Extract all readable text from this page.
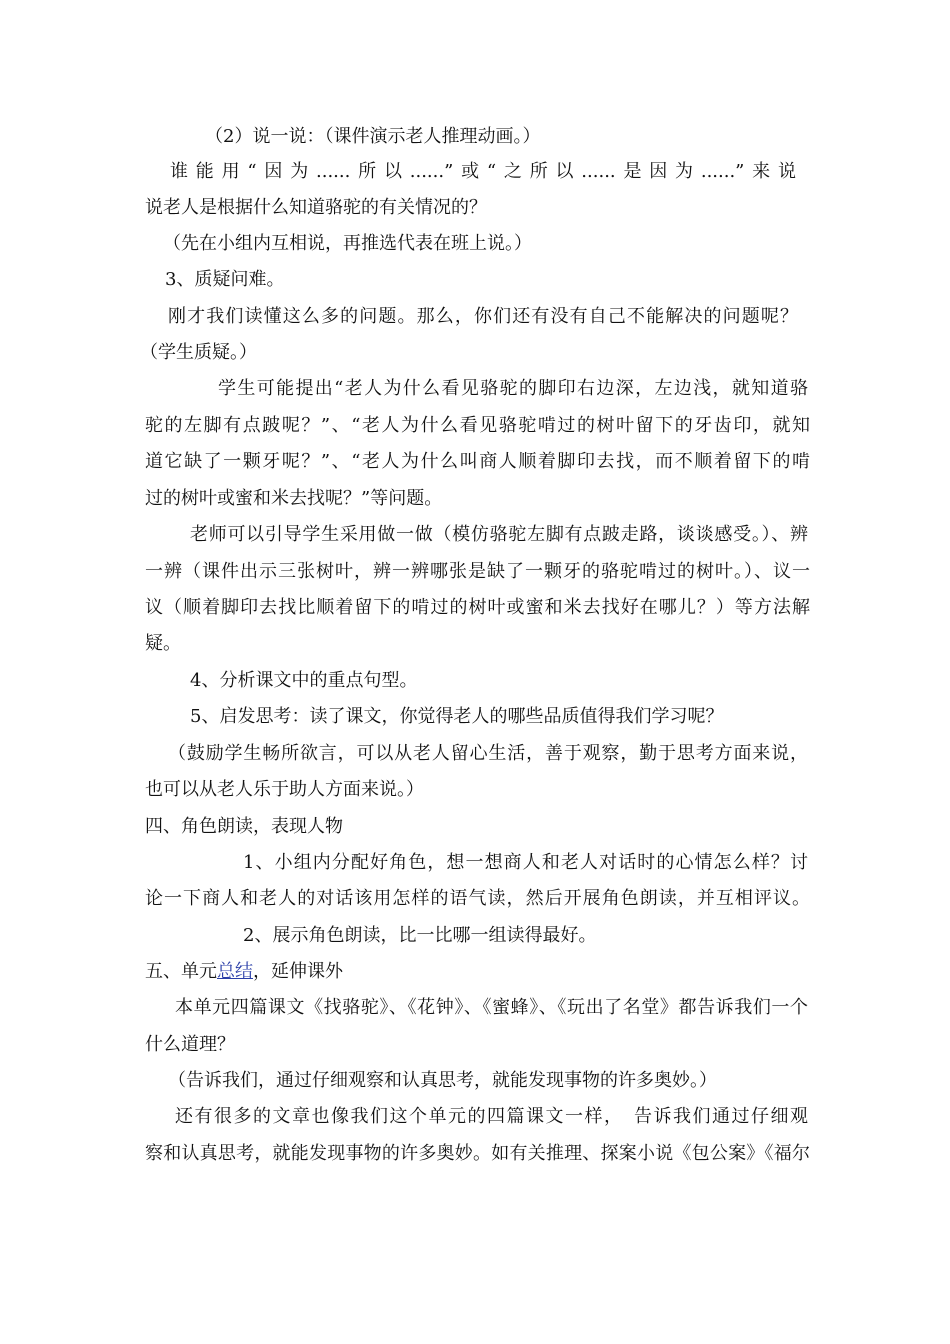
（2）说一说：（课件演示老人推理动画。）
谁能用“因为......所以......”或“之所以......是因为......”来说
说老人是根据什么知道骆驼的有关情况的？
（先在小组内互相说，再推选代表在班上说。）
3、质疑问难。
刚才我们读懂这么多的问题。那么，你们还有没有自己不能解决的问题呢？
（学生质疑。）
学生可能提出“老人为什么看见骆驼的脚印右边深，左边浅，就知道骆
驼的左脚有点跛呢？”、“老人为什么看见骆驼啃过的树叶留下的牙齿印，就知
道它缺了一颗牙呢？”、“老人为什么叫商人顺着脚印去找，而不顺着留下的啃
过的树叶或蜜和米去找呢？”等问题。
老师可以引导学生采用做一做（模仿骆驼左脚有点跛走路，谈谈感受。）、辨
一辨（课件出示三张树叶，辨一辨哪张是缺了一颗牙的骆驼啃过的树叶。）、议一
议（顺着脚印去找比顺着留下的啃过的树叶或蜜和米去找好在哪儿？）等方法解
疑。
4、分析课文中的重点句型。
5、启发思考：读了课文，你觉得老人的哪些品质值得我们学习呢？
（鼓励学生畅所欲言，可以从老人留心生活，善于观察，勤于思考方面来说，
也可以从老人乐于助人方面来说。）
四、角色朗读，表现人物
1、小组内分配好角色，想一想商人和老人对话时的心情怎么样？讨
论一下商人和老人的对话该用怎样的语气读，然后开展角色朗读，并互相评议。
2、展示角色朗读，比一比哪一组读得最好。
五、单元总结，延伸课外
本单元四篇课文《找骆驼》、《花钟》、《蜜蜂》、《玩出了名堂》都告诉我们一个
什么道理？
（告诉我们，通过仔细观察和认真思考，就能发现事物的许多奥妙。）
还有很多的文章也像我们这个单元的四篇课文一样，　告诉我们通过仔细观
察和认真思考，就能发现事物的许多奥妙。如有关推理、探案小说《包公案》《福尔
